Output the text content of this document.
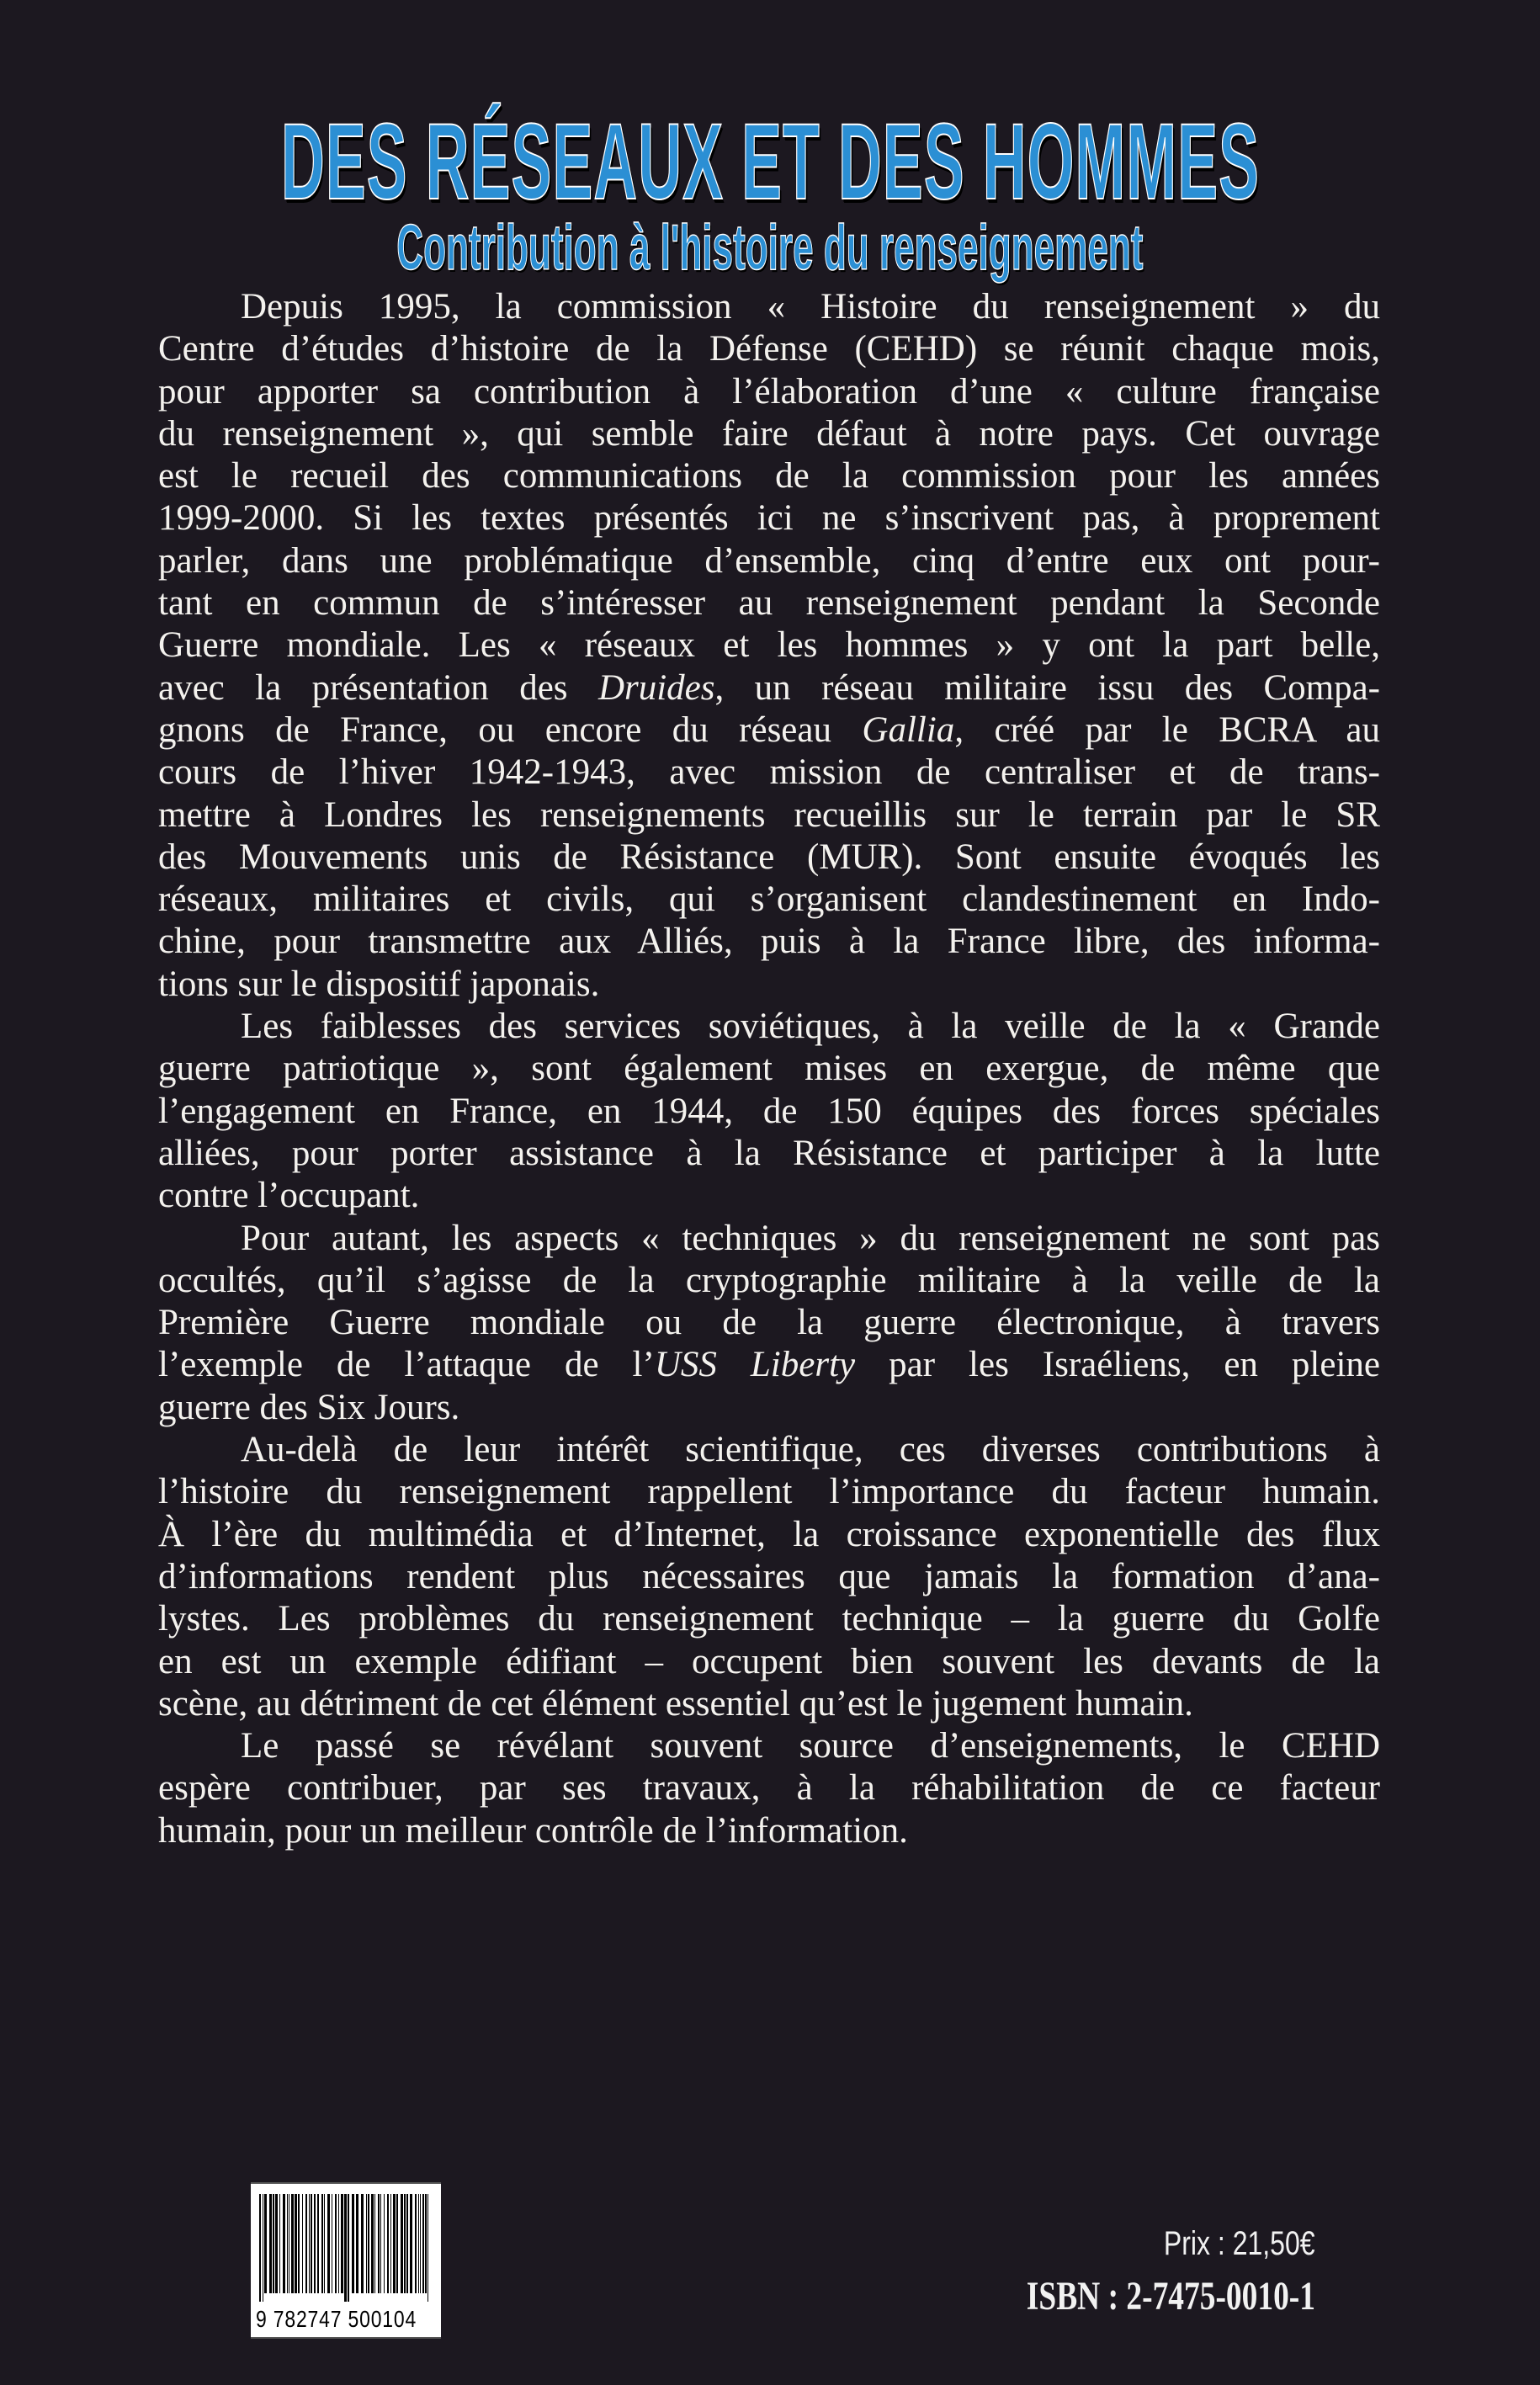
DES RÉSEAUX ET DES HOMMES
Contribution à l'histoire du renseignement
Depuis 1995, la commission « Histoire du renseignement » du
Centre d’études d’histoire de la Défense (CEHD) se réunit chaque mois,
pour apporter sa contribution à l’élaboration d’une « culture française
du renseignement », qui semble faire défaut à notre pays. Cet ouvrage
est le recueil des communications de la commission pour les années
1999-2000. Si les textes présentés ici ne s’inscrivent pas, à proprement
parler, dans une problématique d’ensemble, cinq d’entre eux ont pour-
tant en commun de s’intéresser au renseignement pendant la Seconde
Guerre mondiale. Les « réseaux et les hommes » y ont la part belle,
avec la présentation des Druides, un réseau militaire issu des Compa-
gnons de France, ou encore du réseau Gallia, créé par le BCRA au
cours de l’hiver 1942-1943, avec mission de centraliser et de trans-
mettre à Londres les renseignements recueillis sur le terrain par le SR
des Mouvements unis de Résistance (MUR). Sont ensuite évoqués les
réseaux, militaires et civils, qui s’organisent clandestinement en Indo-
chine, pour transmettre aux Alliés, puis à la France libre, des informa-
tions sur le dispositif japonais.
Les faiblesses des services soviétiques, à la veille de la « Grande
guerre patriotique », sont également mises en exergue, de même que
l’engagement en France, en 1944, de 150 équipes des forces spéciales
alliées, pour porter assistance à la Résistance et participer à la lutte
contre l’occupant.
Pour autant, les aspects « techniques » du renseignement ne sont pas
occultés, qu’il s’agisse de la cryptographie militaire à la veille de la
Première Guerre mondiale ou de la guerre électronique, à travers
l’exemple de l’attaque de l’USS Liberty par les Israéliens, en pleine
guerre des Six Jours.
Au-delà de leur intérêt scientifique, ces diverses contributions à
l’histoire du renseignement rappellent l’importance du facteur humain.
À l’ère du multimédia et d’Internet, la croissance exponentielle des flux
d’informations rendent plus nécessaires que jamais la formation d’ana-
lystes. Les problèmes du renseignement technique – la guerre du Golfe
en est un exemple édifiant – occupent bien souvent les devants de la
scène, au détriment de cet élément essentiel qu’est le jugement humain.
Le passé se révélant souvent source d’enseignements, le CEHD
espère contribuer, par ses travaux, à la réhabilitation de ce facteur
humain, pour un meilleur contrôle de l’information.
9 782747 500104
Prix : 21,50€
ISBN : 2-7475-0010-1
